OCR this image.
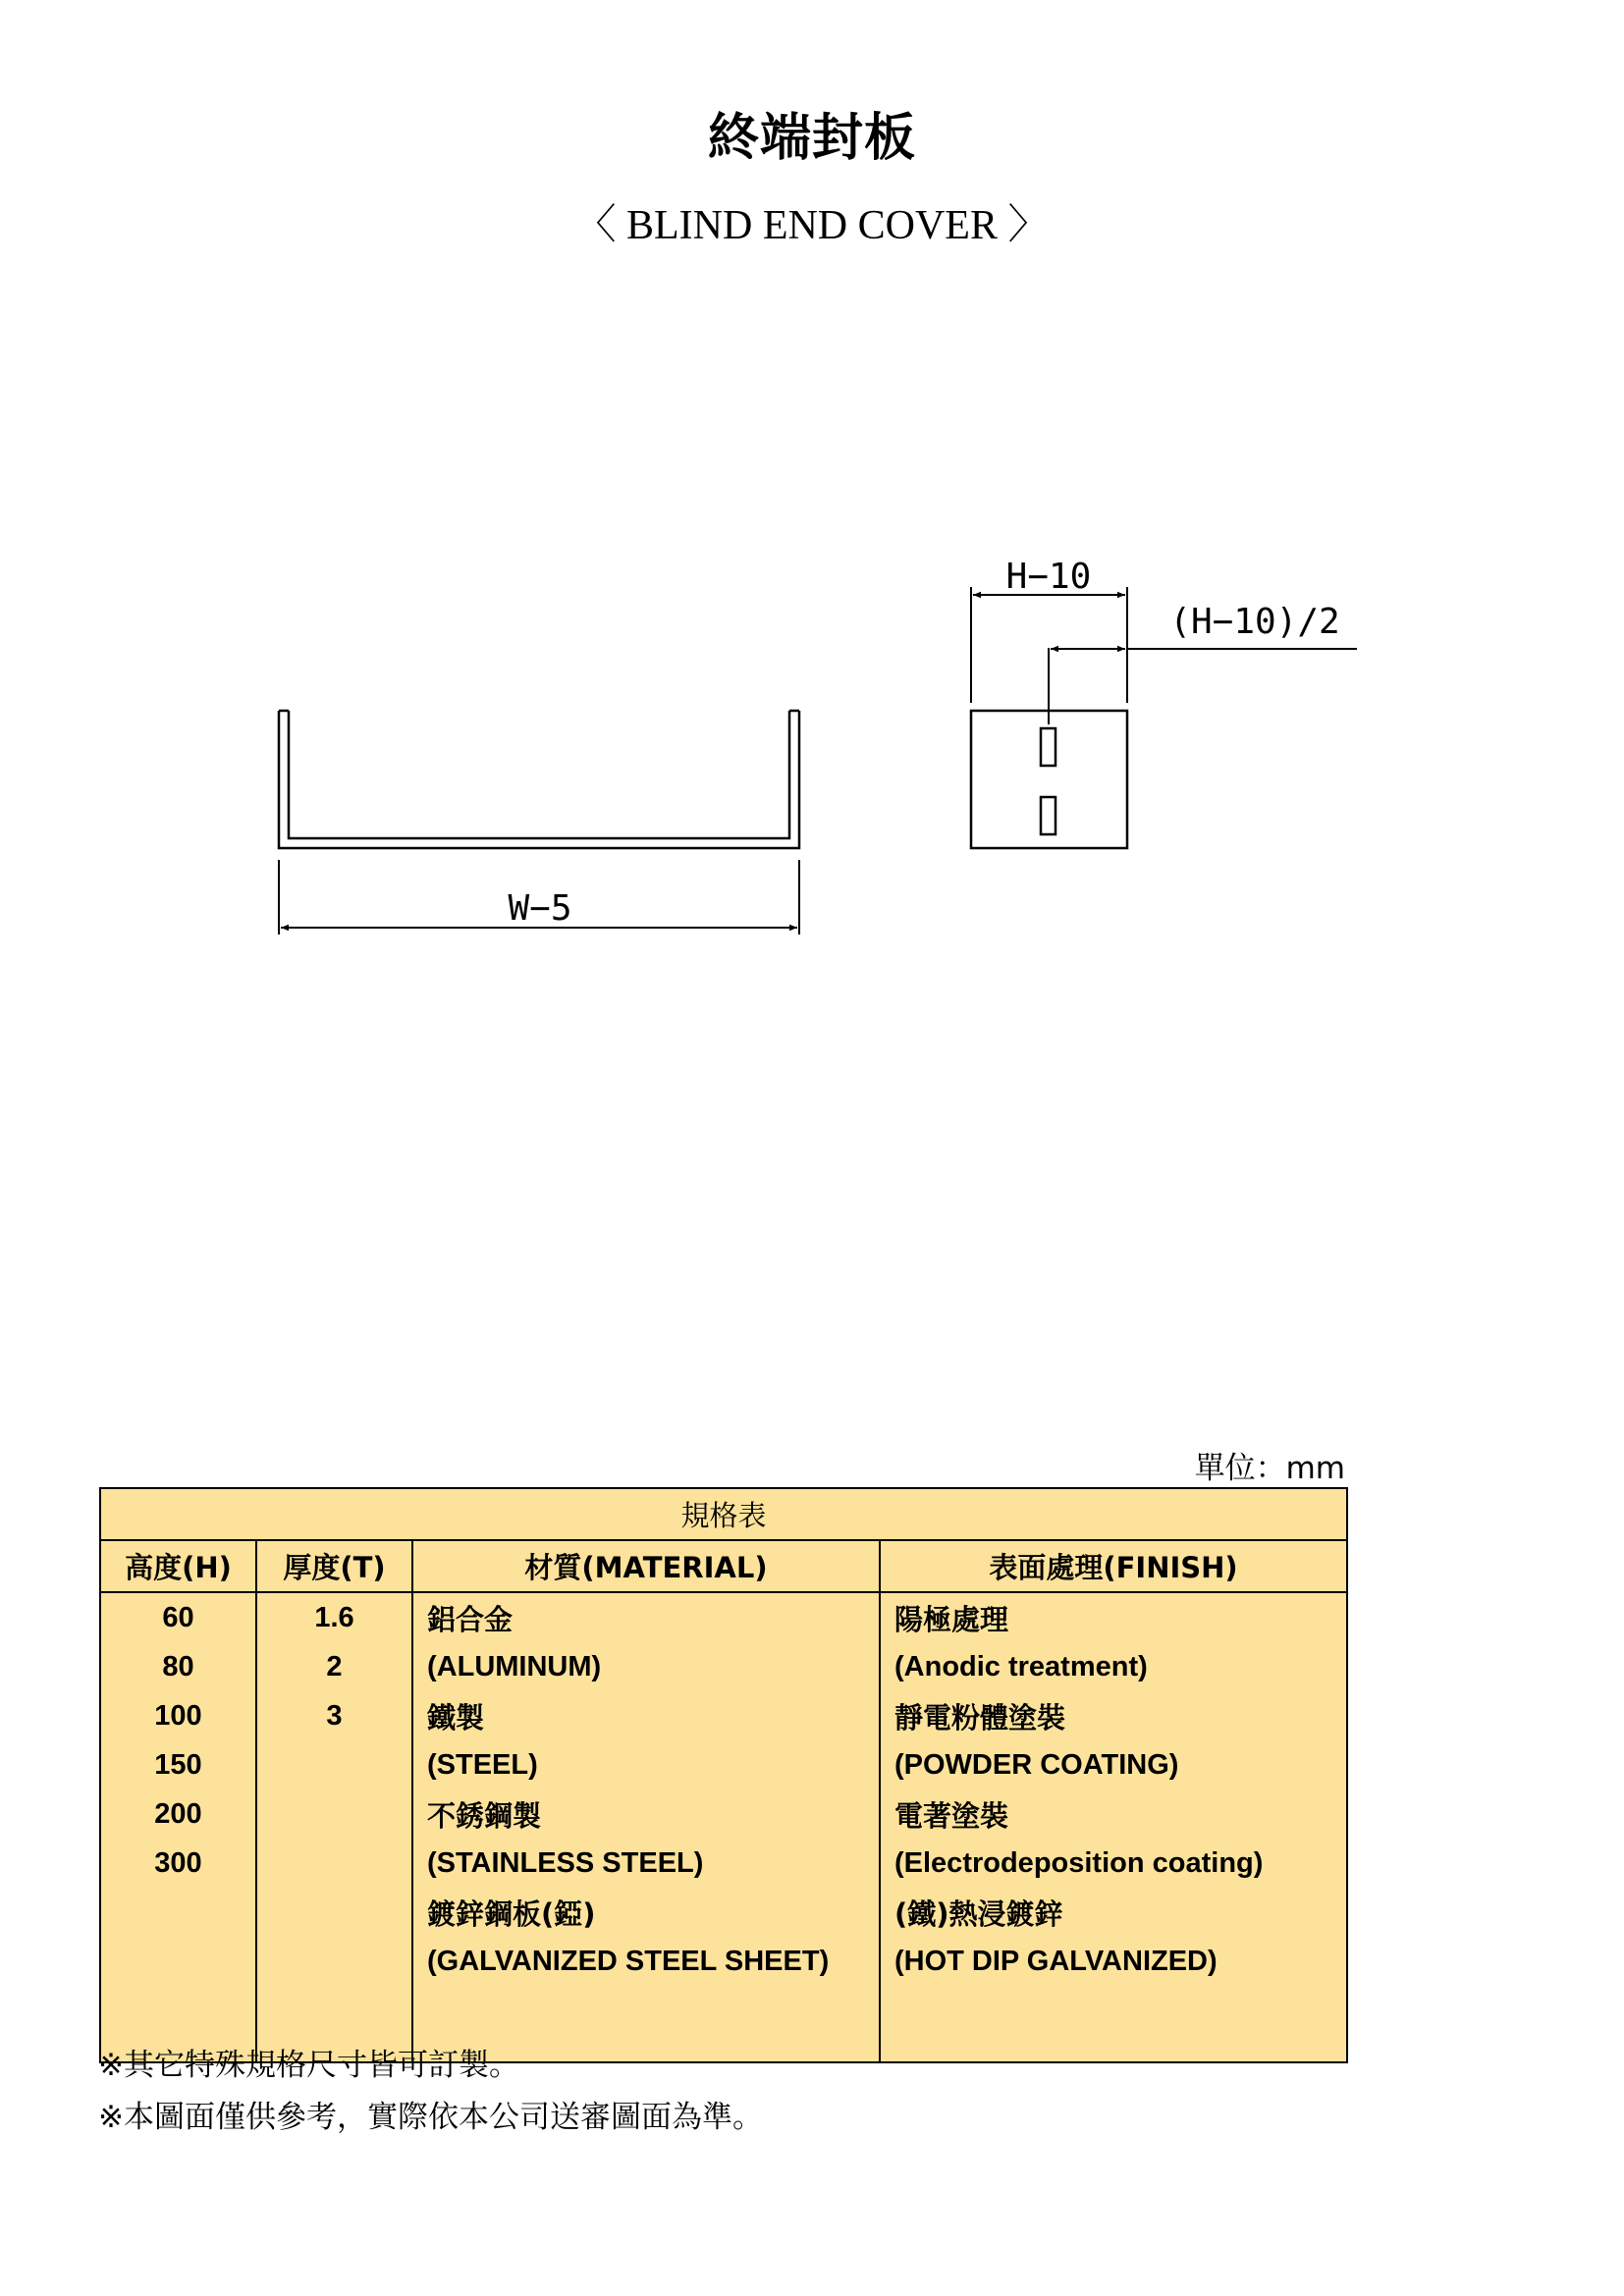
終端封板
〈 BLIND END COVER 〉
W−5
H−10
(H−10)/2
單位：mm
規格表			
高度(H)	厚度(T)	材質(MATERIAL)	表面處理(FINISH)
60	1.6	鋁合金	陽極處理
80	2	(ALUMINUM)	(Anodic treatment)
100	3	鐵製	靜電粉體塗裝
150		(STEEL)	(POWDER COATING)
200		不銹鋼製	電著塗裝
300		(STAINLESS STEEL)	(Electrodeposition coating)
		鍍鋅鋼板(錏)	(鐵)熱浸鍍鋅
		(GALVANIZED STEEL SHEET)	(HOT DIP GALVANIZED)

※其它特殊規格尺寸皆可訂製。
※本圖面僅供參考，實際依本公司送審圖面為準。
